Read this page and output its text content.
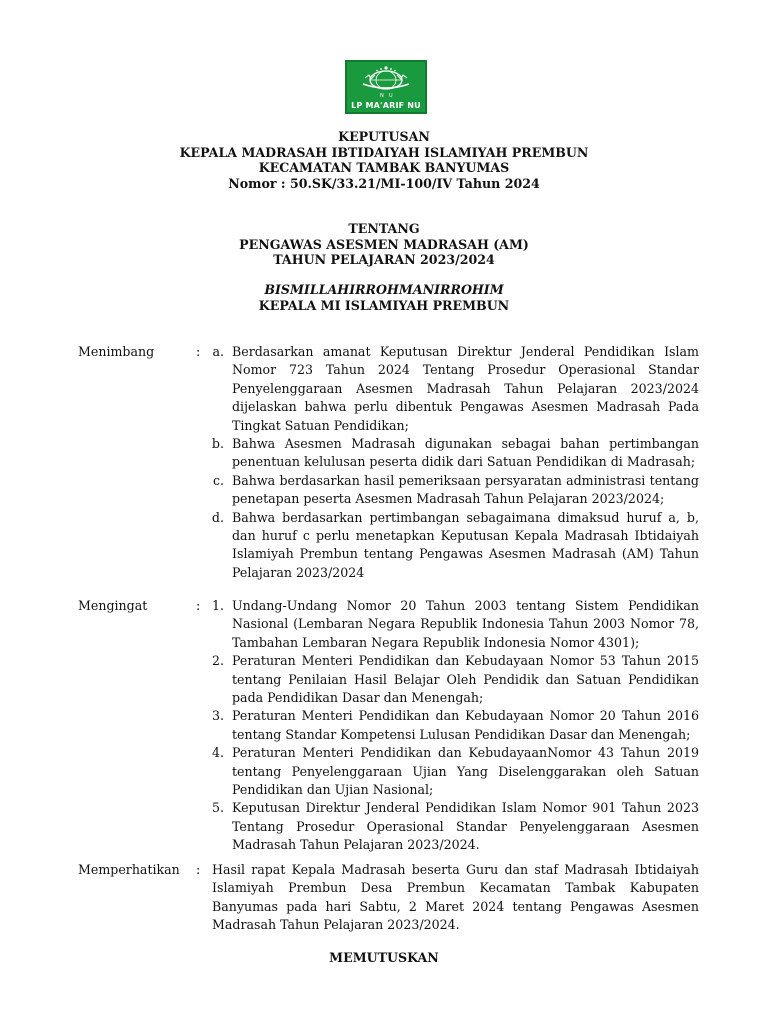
N U
LP MA'ARIF NU
KEPUTUSAN
KEPALA MADRASAH IBTIDAIYAH ISLAMIYAH PREMBUN
KECAMATAN TAMBAK BANYUMAS
Nomor : 50.SK/33.21/MI-100/IV Tahun 2024
TENTANG
PENGAWAS ASESMEN MADRASAH (AM)
TAHUN PELAJARAN 2023/2024
BISMILLAHIRROHMANIRROHIM
KEPALA MI ISLAMIYAH PREMBUN
Menimbang	: a. Berdasarkan amanat Keputusan Direktur Jenderal Pendidikan Islam Nomor 723 Tahun 2024 Tentang Prosedur Operasional Standar Penyelenggaraan Asesmen Madrasah Tahun Pelajaran 2023/2024 dijelaskan bahwa perlu dibentuk Pengawas Asesmen Madrasah Pada Tingkat Satuan Pendidikan;
b. Bahwa Asesmen Madrasah digunakan sebagai bahan pertimbangan penentuan kelulusan peserta didik dari Satuan Pendidikan di Madrasah;
c. Bahwa berdasarkan hasil pemeriksaan persyaratan administrasi tentang penetapan peserta Asesmen Madrasah Tahun Pelajaran 2023/2024;
d. Bahwa berdasarkan pertimbangan sebagaimana dimaksud huruf a, b, dan huruf c perlu menetapkan Keputusan Kepala Madrasah Ibtidaiyah Islamiyah Prembun tentang Pengawas Asesmen Madrasah (AM) Tahun Pelajaran 2023/2024
Mengingat	: 1. Undang-Undang Nomor 20 Tahun 2003 tentang Sistem Pendidikan Nasional (Lembaran Negara Republik Indonesia Tahun 2003 Nomor 78, Tambahan Lembaran Negara Republik Indonesia Nomor 4301);
2. Peraturan Menteri Pendidikan dan Kebudayaan Nomor 53 Tahun 2015 tentang Penilaian Hasil Belajar Oleh Pendidik dan Satuan Pendidikan pada Pendidikan Dasar dan Menengah;
3. Peraturan Menteri Pendidikan dan Kebudayaan Nomor 20 Tahun 2016 tentang Standar Kompetensi Lulusan Pendidikan Dasar dan Menengah;
4. Peraturan Menteri Pendidikan dan KebudayaanNomor 43 Tahun 2019 tentang Penyelenggaraan Ujian Yang Diselenggarakan oleh Satuan Pendidikan dan Ujian Nasional;
5. Keputusan Direktur Jenderal Pendidikan Islam Nomor 901 Tahun 2023 Tentang Prosedur Operasional Standar Penyelenggaraan Asesmen Madrasah Tahun Pelajaran 2023/2024.
Memperhatikan : Hasil rapat Kepala Madrasah beserta Guru dan staf Madrasah Ibtidaiyah Islamiyah Prembun Desa Prembun Kecamatan Tambak Kabupaten Banyumas pada hari Sabtu, 2 Maret 2024 tentang Pengawas Asesmen Madrasah Tahun Pelajaran 2023/2024.
MEMUTUSKAN
